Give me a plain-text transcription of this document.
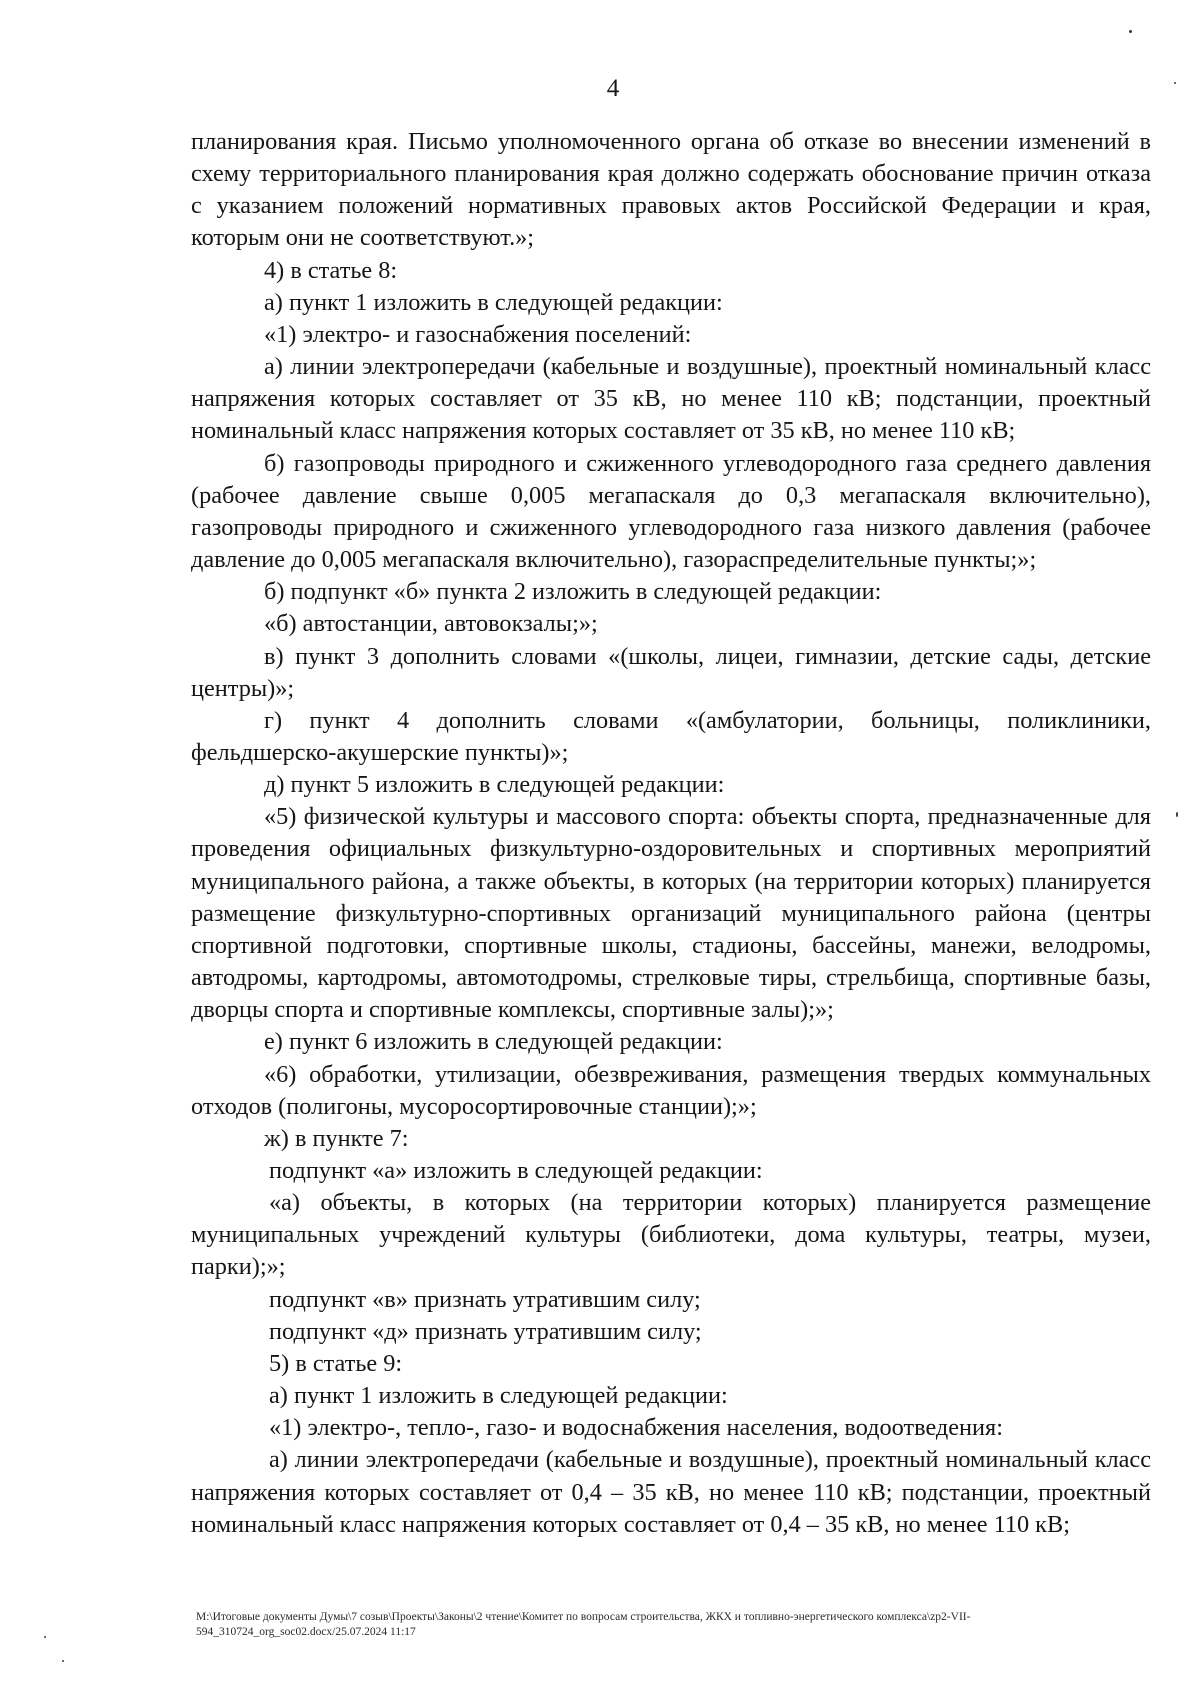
4

планирования края. Письмо уполномоченного органа об отказе во внесении изменений в схему территориального планирования края должно содержать обоснование причин отказа с указанием положений нормативных правовых актов Российской Федерации и края, которым они не соответствуют.»;

4) в статье 8:

а) пункт 1 изложить в следующей редакции:

«1) электро- и газоснабжения поселений:

а) линии электропередачи (кабельные и воздушные), проектный номинальный класс напряжения которых составляет от 35 кВ, но менее 110 кВ; подстанции, проектный номинальный класс напряжения которых составляет от 35 кВ, но менее 110 кВ;

б) газопроводы природного и сжиженного углеводородного газа среднего давления (рабочее давление свыше 0,005 мегапаскаля до 0,3 мегапаскаля включительно), газопроводы природного и сжиженного углеводородного газа низкого давления (рабочее давление до 0,005 мегапаскаля включительно), газораспределительные пункты;»;

б) подпункт «б» пункта 2 изложить в следующей редакции:

«б) автостанции, автовокзалы;»;

в) пункт 3 дополнить словами «(школы, лицеи, гимназии, детские сады, детские центры)»;

г) пункт 4 дополнить словами «(амбулатории, больницы, поликлиники, фельдшерско-акушерские пункты)»;

д) пункт 5 изложить в следующей редакции:

«5) физической культуры и массового спорта: объекты спорта, предназначенные для проведения официальных физкультурно-оздоровительных и спортивных мероприятий муниципального района, а также объекты, в которых (на территории которых) планируется размещение физкультурно-спортивных организаций муниципального района (центры спортивной подготовки, спортивные школы, стадионы, бассейны, манежи, велодромы, автодромы, картодромы, автомотодромы, стрелковые тиры, стрельбища, спортивные базы, дворцы спорта и спортивные комплексы, спортивные залы);»;

е) пункт 6 изложить в следующей редакции:

«6) обработки, утилизации, обезвреживания, размещения твердых коммунальных отходов (полигоны, мусоросортировочные станции);»;

ж) в пункте 7:

подпункт «а» изложить в следующей редакции:

«а) объекты, в которых (на территории которых) планируется размещение муниципальных учреждений культуры (библиотеки, дома культуры, театры, музеи, парки);»;

подпункт «в» признать утратившим силу;

подпункт «д» признать утратившим силу;

5) в статье 9:

а) пункт 1 изложить в следующей редакции:

«1) электро-, тепло-, газо- и водоснабжения населения, водоотведения:

а) линии электропередачи (кабельные и воздушные), проектный номинальный класс напряжения которых составляет от 0,4 – 35 кВ, но менее 110 кВ; подстанции, проектный номинальный класс напряжения которых составляет от 0,4 – 35 кВ, но менее 110 кВ;

M:\Итоговые документы Думы\7 созыв\Проекты\Законы\2 чтение\Комитет по вопросам строительства, ЖКХ и топливно-энергетического комплекса\zp2-VII-594_310724_org_soc02.docx/25.07.2024 11:17
